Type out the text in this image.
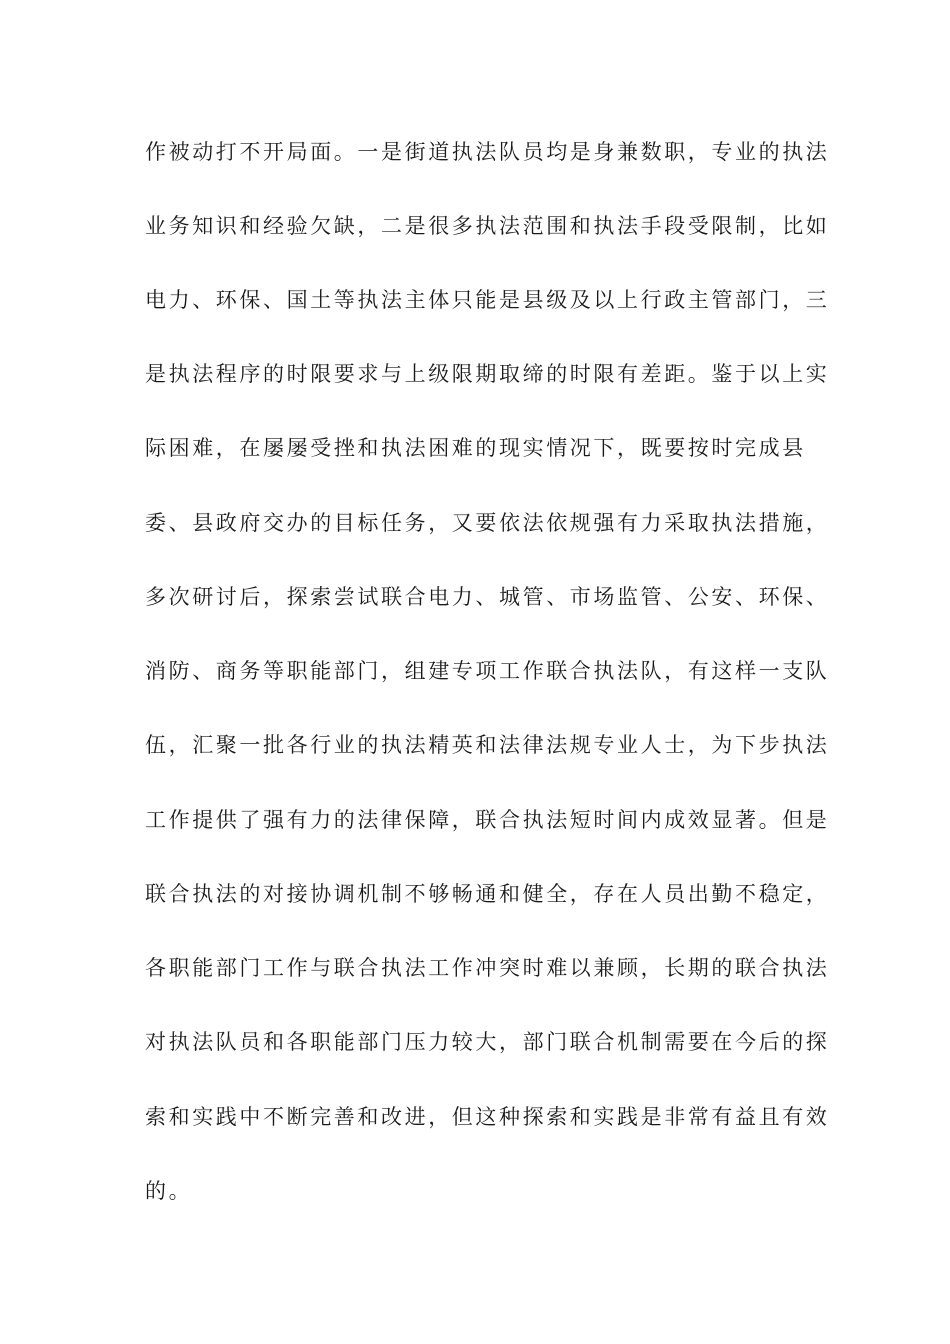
作被动打不开局面。一是街道执法队员均是身兼数职，专业的执法
业务知识和经验欠缺，二是很多执法范围和执法手段受限制，比如
电力、环保、国土等执法主体只能是县级及以上行政主管部门，三
是执法程序的时限要求与上级限期取缔的时限有差距。鉴于以上实
际困难，在屡屡受挫和执法困难的现实情况下，既要按时完成县
委、县政府交办的目标任务，又要依法依规强有力采取执法措施，
多次研讨后，探索尝试联合电力、城管、市场监管、公安、环保、
消防、商务等职能部门，组建专项工作联合执法队，有这样一支队
伍，汇聚一批各行业的执法精英和法律法规专业人士，为下步执法
工作提供了强有力的法律保障，联合执法短时间内成效显著。但是
联合执法的对接协调机制不够畅通和健全，存在人员出勤不稳定，
各职能部门工作与联合执法工作冲突时难以兼顾，长期的联合执法
对执法队员和各职能部门压力较大，部门联合机制需要在今后的探
索和实践中不断完善和改进，但这种探索和实践是非常有益且有效
的。
